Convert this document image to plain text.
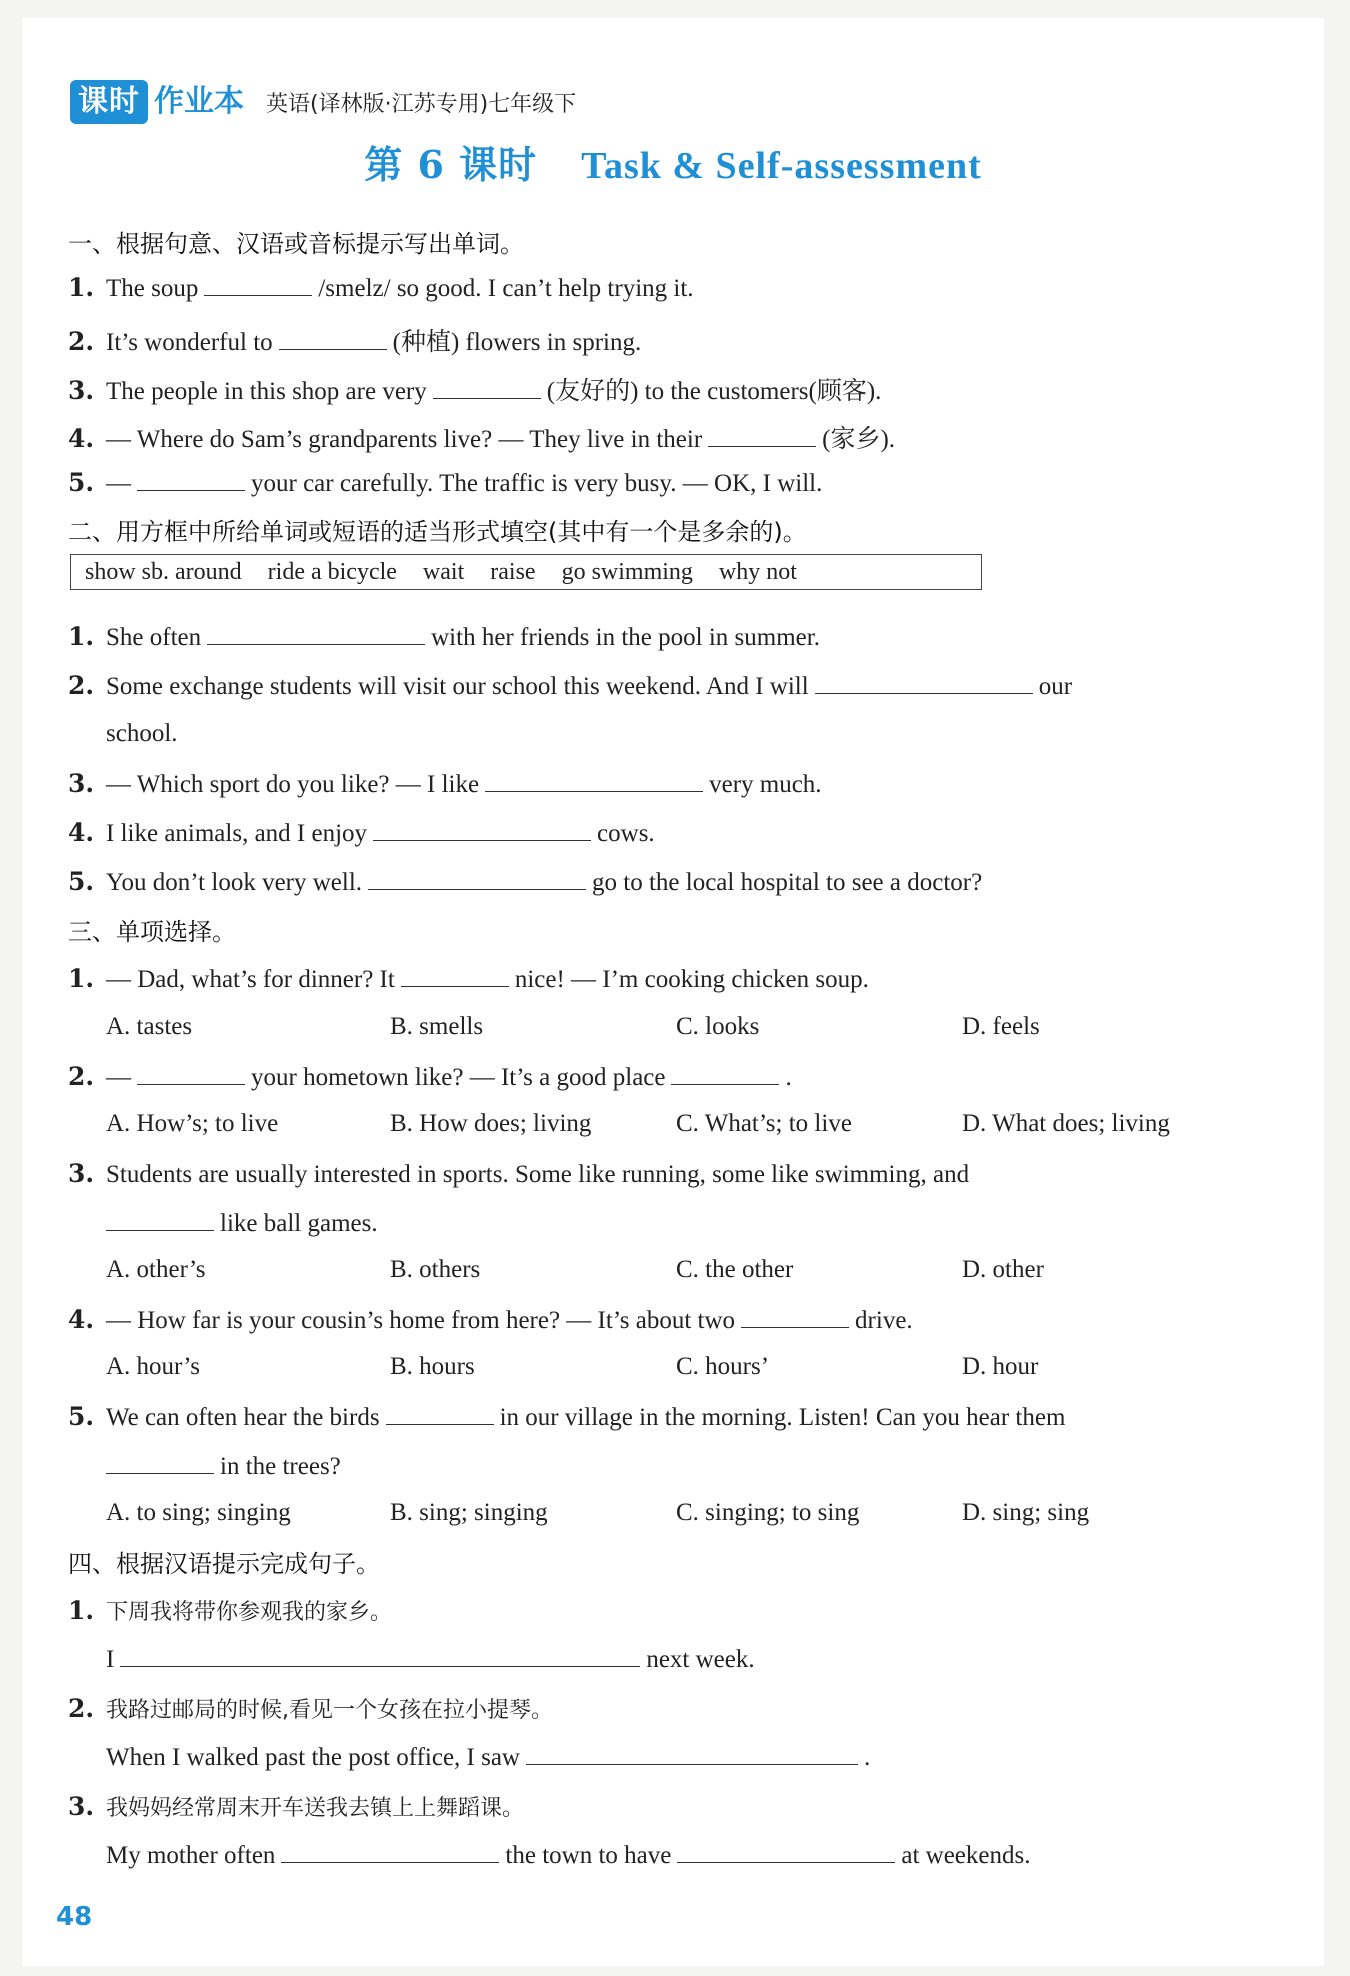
课时 作业本 英语(译林版·江苏专用)七年级下
第 6 课时 Task & Self-assessment
一、根据句意、汉语或音标提示写出单词。
1. The soup	/smelz/ so good. I can’t help trying it.
2. It’s wonderful to	(种植) flowers in spring.
3. The people in this shop are very	(友好的) to the customers(顾客).
4. — Where do Sam’s grandparents live? — They live in their	(家乡).
5. —	your car carefully. The traffic is very busy. — OK, I will.
二、用方框中所给单词或短语的适当形式填空(其中有一个是多余的)。
show sb. around ride a bicycle wait raise go swimming why not
1. She often	with her friends in the pool in summer.
2. Some exchange students will visit our school this weekend. And I will	our
school.
3. — Which sport do you like? — I like	very much.
4. I like animals, and I enjoy	cows.
5. You don’t look very well.	go to the local hospital to see a doctor?
三、单项选择。
1. — Dad, what’s for dinner? It	nice! — I’m cooking chicken soup.
A. tastes	B. smells	C. looks	D. feels
2. —	your hometown like? — It’s a good place	.
A. How’s; to live	B. How does; living	C. What’s; to live	D. What does; living
3. Students are usually interested in sports. Some like running, some like swimming, and
like ball games.
A. other’s	B. others	C. the other	D. other
4. — How far is your cousin’s home from here? — It’s about two	drive.
A. hour’s	B. hours	C. hours’	D. hour
5. We can often hear the birds	in our village in the morning. Listen! Can you hear them
in the trees?
A. to sing; singing	B. sing; singing	C. singing; to sing	D. sing; sing
四、根据汉语提示完成句子。
1. 下周我将带你参观我的家乡。
I	next week.
2. 我路过邮局的时候,看见一个女孩在拉小提琴。
When I walked past the post office, I saw	.
3. 我妈妈经常周末开车送我去镇上上舞蹈课。
My mother often	the town to have	at weekends.
48
